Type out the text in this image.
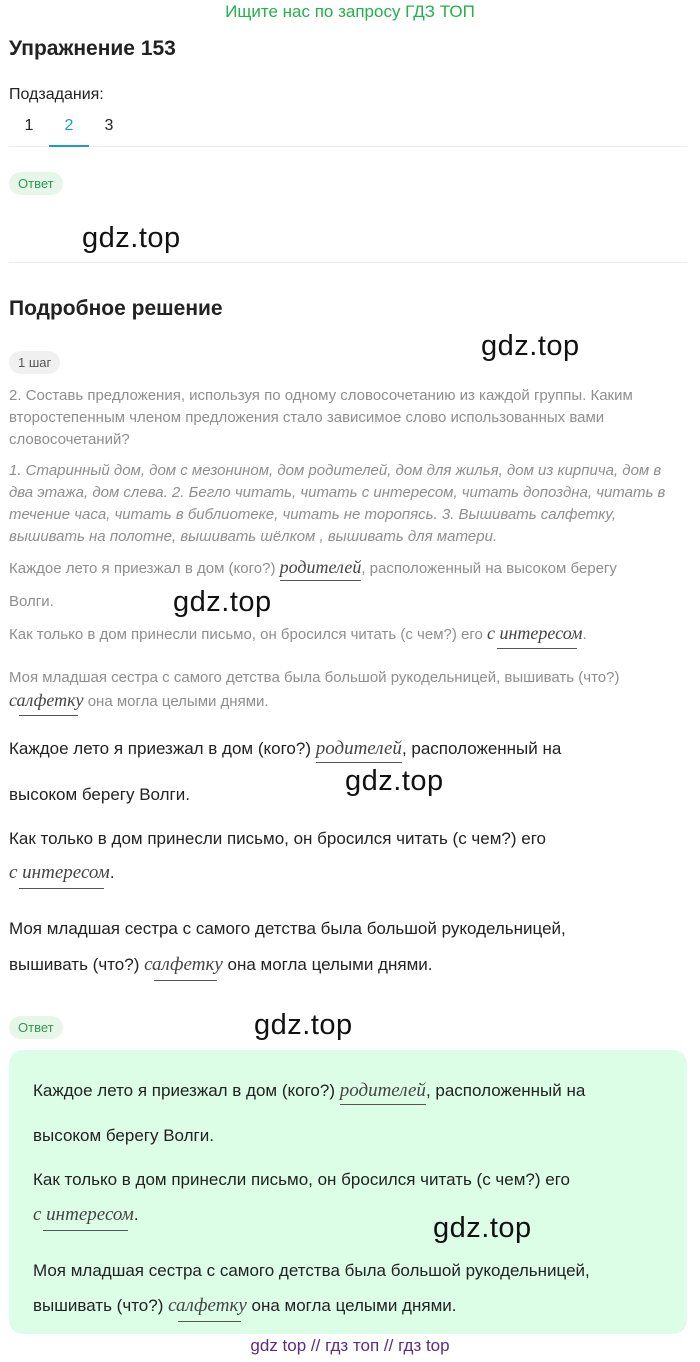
Ищите нас по запросу ГДЗ ТОП
Упражнение 153
Подзадания:
1	2	3
Ответ
gdz.top
Подробное решение
1 шаг
gdz.top
2. Составь предложения, используя по одному словосочетанию из каждой группы. Каким второстепенным членом предложения стало зависимое слово использованных вами словосочетаний?
1. Старинный дом, дом с мезонином, дом родителей, дом для жилья, дом из кирпича, дом в два этажа, дом слева. 2. Бегло читать, читать с интересом, читать допоздна, читать в течение часа, читать в библиотеке, читать не торопясь. 3. Вышивать салфетку, вышивать на полотне, вышивать шёлком , вышивать для матери.
Каждое лето я приезжал в дом (кого?) родителей
, расположенный на высоком берегу
Волги.	gdz.top
Как только в дом принесли письмо, он бросился читать (с чем?) его с интересом
.
Моя младшая сестра с самого детства была большой рукодельницей, вышивать (что?)
салфетку
она могла целыми днями.
Каждое лето я приезжал в дом (кого?) родителей
, расположенный на
высоком берегу Волги.	gdz.top
Как только в дом принесли письмо, он бросился читать (с чем?) его
с интересом
.
Моя младшая сестра с самого детства была большой рукодельницей,
вышивать (что?) салфетку
она могла целыми днями.
Ответ	gdz.top
Каждое лето я приезжал в дом (кого?) родителей
, расположенный на
высоком берегу Волги.
Как только в дом принесли письмо, он бросился читать (с чем?) его
с интересом
.	gdz.top
Моя младшая сестра с самого детства была большой рукодельницей,
вышивать (что?) салфетку
она могла целыми днями.
gdz top // гдз топ // гдз top
